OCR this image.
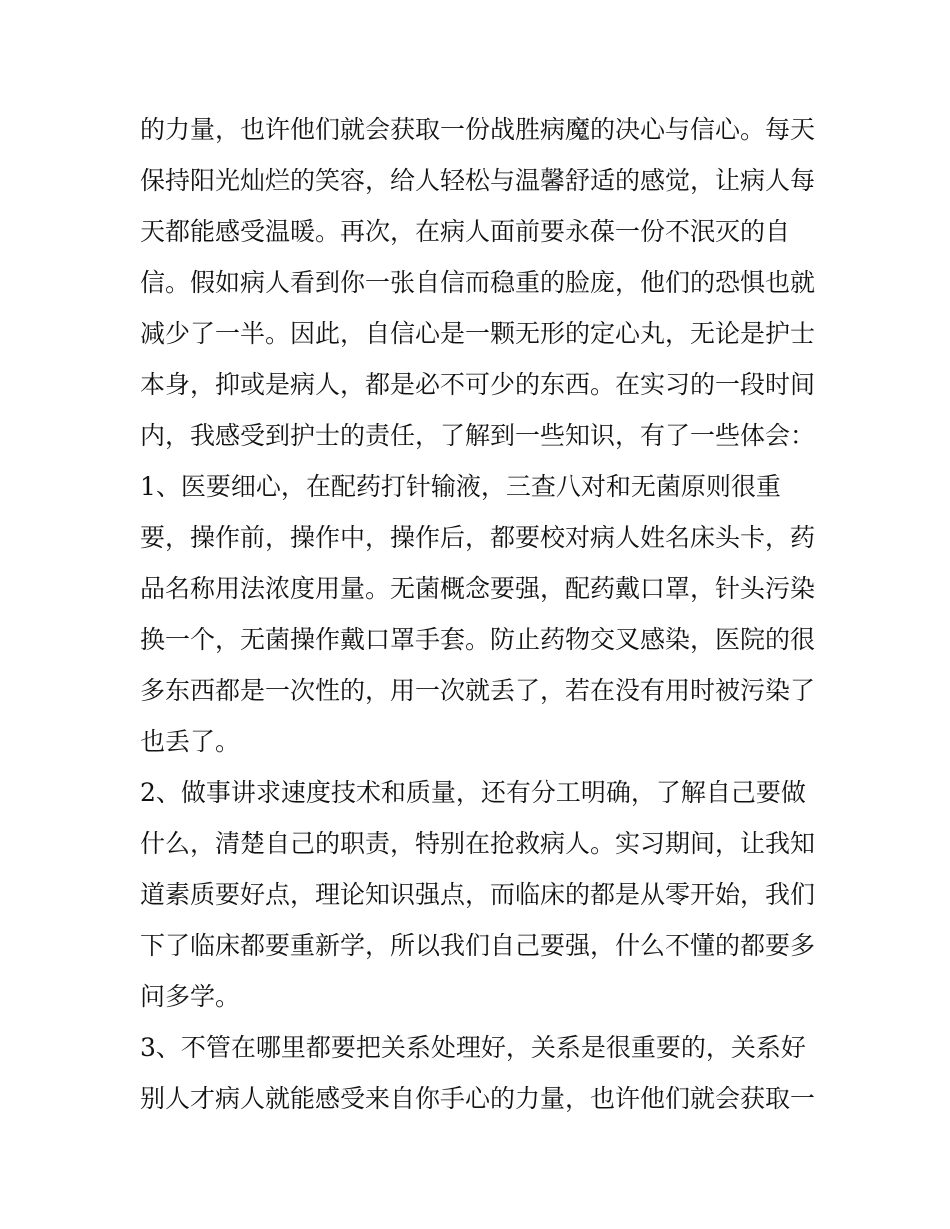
的力量，也许他们就会获取一份战胜病魔的决心与信心。每天
保持阳光灿烂的笑容，给人轻松与温馨舒适的感觉，让病人每
天都能感受温暖。再次，在病人面前要永葆一份不泯灭的自
信。假如病人看到你一张自信而稳重的脸庞，他们的恐惧也就
减少了一半。因此，自信心是一颗无形的定心丸，无论是护士
本身，抑或是病人，都是必不可少的东西。在实习的一段时间
内，我感受到护士的责任，了解到一些知识，有了一些体会：
1、医要细心，在配药打针输液，三查八对和无菌原则很重
要，操作前，操作中，操作后，都要校对病人姓名床头卡，药
品名称用法浓度用量。无菌概念要强，配药戴口罩，针头污染
换一个，无菌操作戴口罩手套。防止药物交叉感染，医院的很
多东西都是一次性的，用一次就丢了，若在没有用时被污染了
也丢了。
2、做事讲求速度技术和质量，还有分工明确，了解自己要做
什么，清楚自己的职责，特别在抢救病人。实习期间，让我知
道素质要好点，理论知识强点，而临床的都是从零开始，我们
下了临床都要重新学，所以我们自己要强，什么不懂的都要多
问多学。
3、不管在哪里都要把关系处理好，关系是很重要的，关系好
别人才病人就能感受来自你手心的力量，也许他们就会获取一
